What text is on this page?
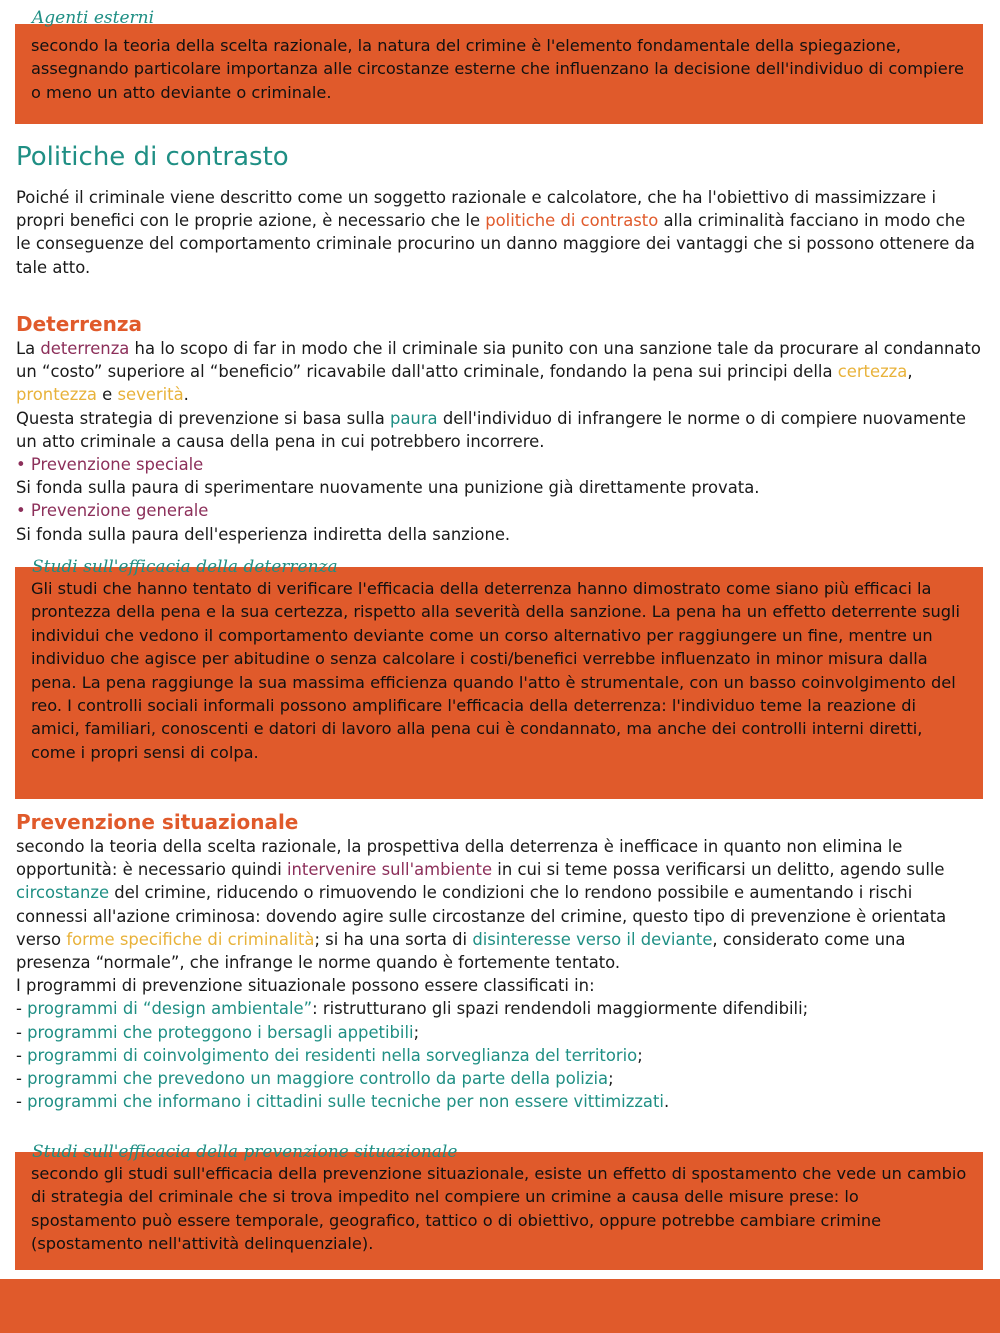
Agenti esterni

secondo la teoria della scelta razionale, la natura del crimine è l'elemento fondamentale della spiegazione, assegnando particolare importanza alle circostanze esterne che influenzano la decisione dell'individuo di compiere o meno un atto deviante o criminale.

Politiche di contrasto

Poiché il criminale viene descritto come un soggetto razionale e calcolatore, che ha l'obiettivo di massimizzare i propri benefici con le proprie azione, è necessario che le politiche di contrasto alla criminalità facciano in modo che le conseguenze del comportamento criminale procurino un danno maggiore dei vantaggi che si possono ottenere da tale atto.

Deterrenza

La deterrenza ha lo scopo di far in modo che il criminale sia punito con una sanzione tale da procurare al condannato un “costo” superiore al “beneficio” ricavabile dall'atto criminale, fondando la pena sui principi della certezza, prontezza e severità.
Questa strategia di prevenzione si basa sulla paura dell'individuo di infrangere le norme o di compiere nuovamente un atto criminale a causa della pena in cui potrebbero incorrere.

• Prevenzione speciale

Si fonda sulla paura di sperimentare nuovamente una punizione già direttamente provata.

• Prevenzione generale

Si fonda sulla paura dell'esperienza indiretta della sanzione.

Studi sull'efficacia della deterrenza

Gli studi che hanno tentato di verificare l'efficacia della deterrenza hanno dimostrato come siano più efficaci la prontezza della pena e la sua certezza, rispetto alla severità della sanzione. La pena ha un effetto deterrente sugli individui che vedono il comportamento deviante come un corso alternativo per raggiungere un fine, mentre un individuo che agisce per abitudine o senza calcolare i costi/benefici verrebbe influenzato in minor misura dalla pena. La pena raggiunge la sua massima efficienza quando l'atto è strumentale, con un basso coinvolgimento del reo. I controlli sociali informali possono amplificare l'efficacia della deterrenza: l'individuo teme la reazione di amici, familiari, conoscenti e datori di lavoro alla pena cui è condannato, ma anche dei controlli interni diretti, come i propri sensi di colpa.

Prevenzione situazionale

secondo la teoria della scelta razionale, la prospettiva della deterrenza è inefficace in quanto non elimina le opportunità: è necessario quindi intervenire sull'ambiente in cui si teme possa verificarsi un delitto, agendo sulle circostanze del crimine, riducendo o rimuovendo le condizioni che lo rendono possibile e aumentando i rischi connessi all'azione criminosa: dovendo agire sulle circostanze del crimine, questo tipo di prevenzione è orientata verso forme specifiche di criminalità; si ha una sorta di disinteresse verso il deviante, considerato come una presenza “normale”, che infrange le norme quando è fortemente tentato.

I programmi di prevenzione situazionale possono essere classificati in:

- programmi di “design ambientale”: ristrutturano gli spazi rendendoli maggiormente difendibili;

- programmi che proteggono i bersagli appetibili;

- programmi di coinvolgimento dei residenti nella sorveglianza del territorio;

- programmi che prevedono un maggiore controllo da parte della polizia;

- programmi che informano i cittadini sulle tecniche per non essere vittimizzati.

Studi sull'efficacia della prevenzione situazionale

secondo gli studi sull'efficacia della prevenzione situazionale, esiste un effetto di spostamento che vede un cambio di strategia del criminale che si trova impedito nel compiere un crimine a causa delle misure prese: lo spostamento può essere temporale, geografico, tattico o di obiettivo, oppure potrebbe cambiare crimine (spostamento nell'attività delinquenziale).
